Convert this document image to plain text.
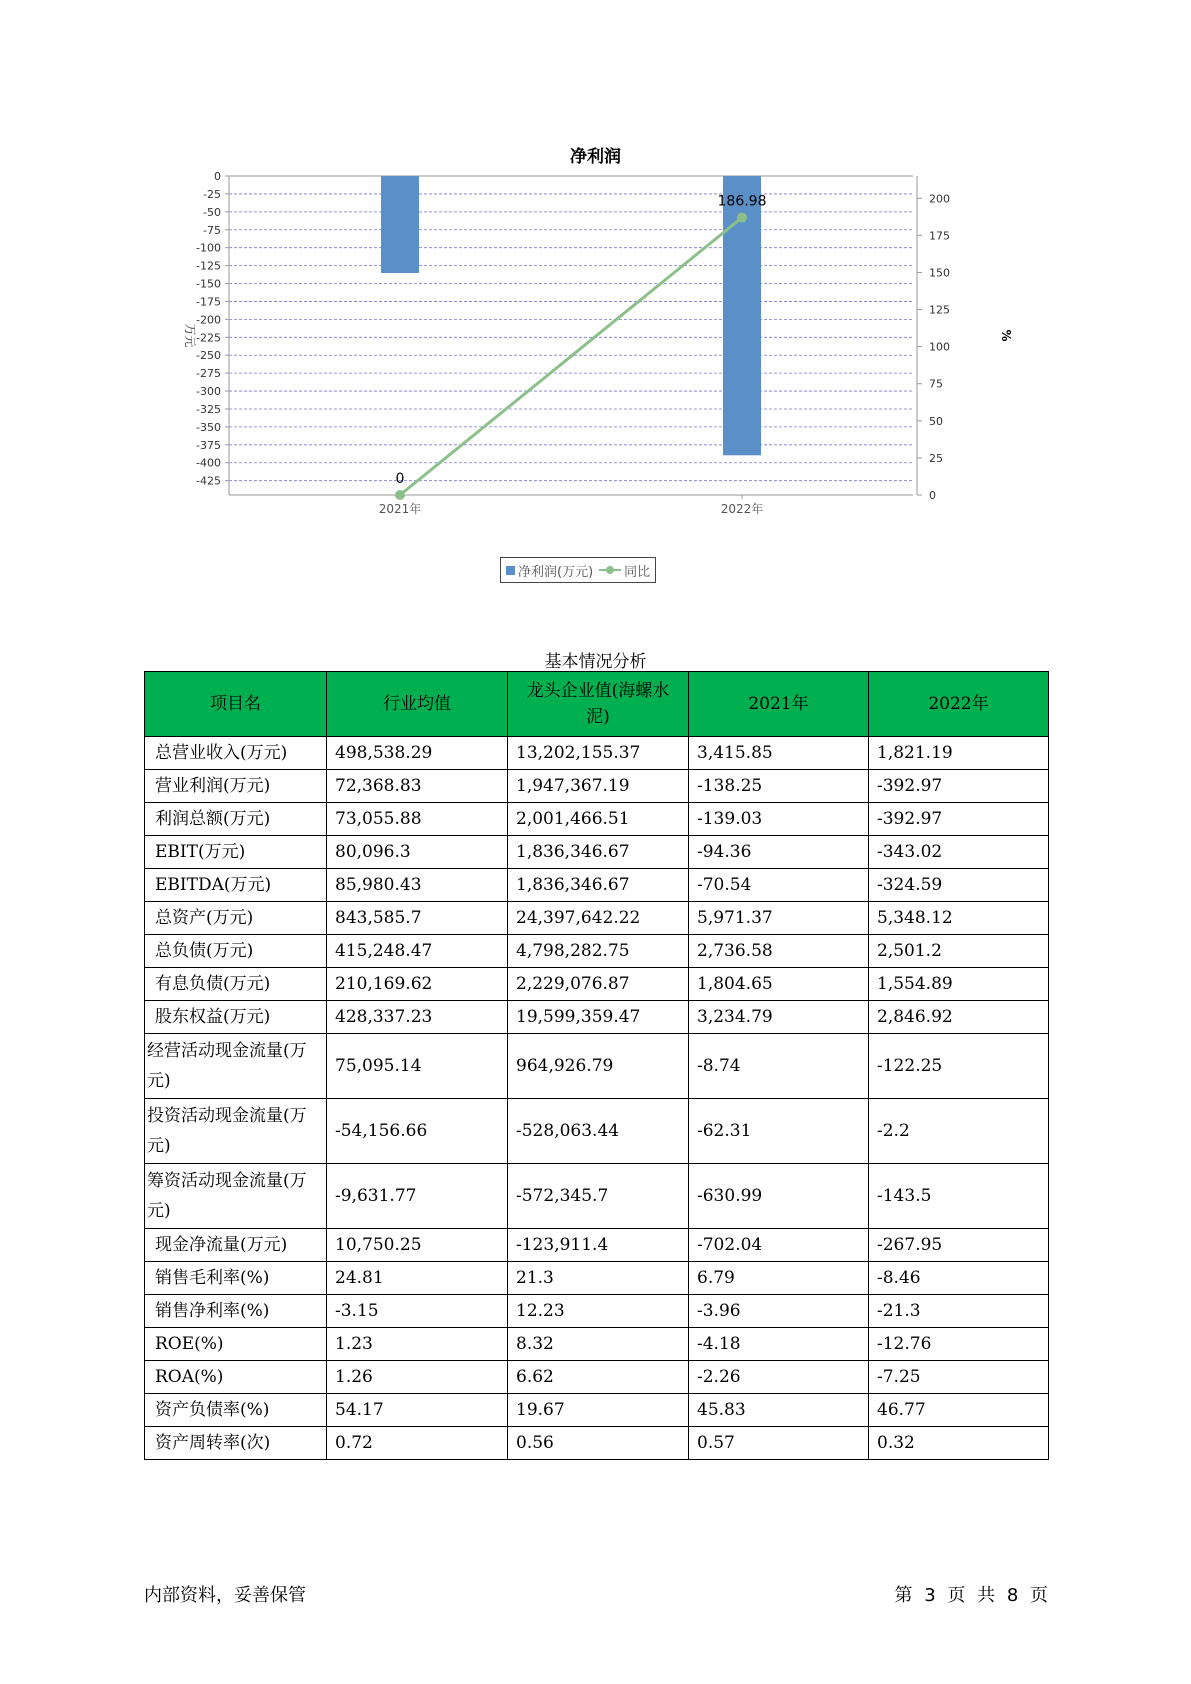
净利润
0
-25
-50
-75
-100
-125
-150
-175
-200
-225
-250
-275
-300
-325
-350
-375
-400
-425
200
175
150
125
100
75
50
25
0
2021年	2022年
0
186.98
万元	%
净利润(万元) 同比
基本情况分析
项目名	行业均值	龙头企业值(海螺水泥)	2021年	2022年
总营业收入(万元)	498,538.29	13,202,155.37	3,415.85	1,821.19
营业利润(万元)	72,368.83	1,947,367.19	-138.25	-392.97
利润总额(万元)	73,055.88	2,001,466.51	-139.03	-392.97
EBIT(万元)	80,096.3	1,836,346.67	-94.36	-343.02
EBITDA(万元)	85,980.43	1,836,346.67	-70.54	-324.59
总资产(万元)	843,585.7	24,397,642.22	5,971.37	5,348.12
总负债(万元)	415,248.47	4,798,282.75	2,736.58	2,501.2
有息负债(万元)	210,169.62	2,229,076.87	1,804.65	1,554.89
股东权益(万元)	428,337.23	19,599,359.47	3,234.79	2,846.92
经营活动现金流量(万元)	75,095.14	964,926.79	-8.74	-122.25
投资活动现金流量(万元)	-54,156.66	-528,063.44	-62.31	-2.2
筹资活动现金流量(万元)	-9,631.77	-572,345.7	-630.99	-143.5
现金净流量(万元)	10,750.25	-123,911.4	-702.04	-267.95
销售毛利率(%)	24.81	21.3	6.79	-8.46
销售净利率(%)	-3.15	12.23	-3.96	-21.3
ROE(%)	1.23	8.32	-4.18	-12.76
ROA(%)	1.26	6.62	-2.26	-7.25
资产负债率(%)	54.17	19.67	45.83	46.77
资产周转率(次)	0.72	0.56	0.57	0.32
内部资料，妥善保管	第 3 页 共 8 页
